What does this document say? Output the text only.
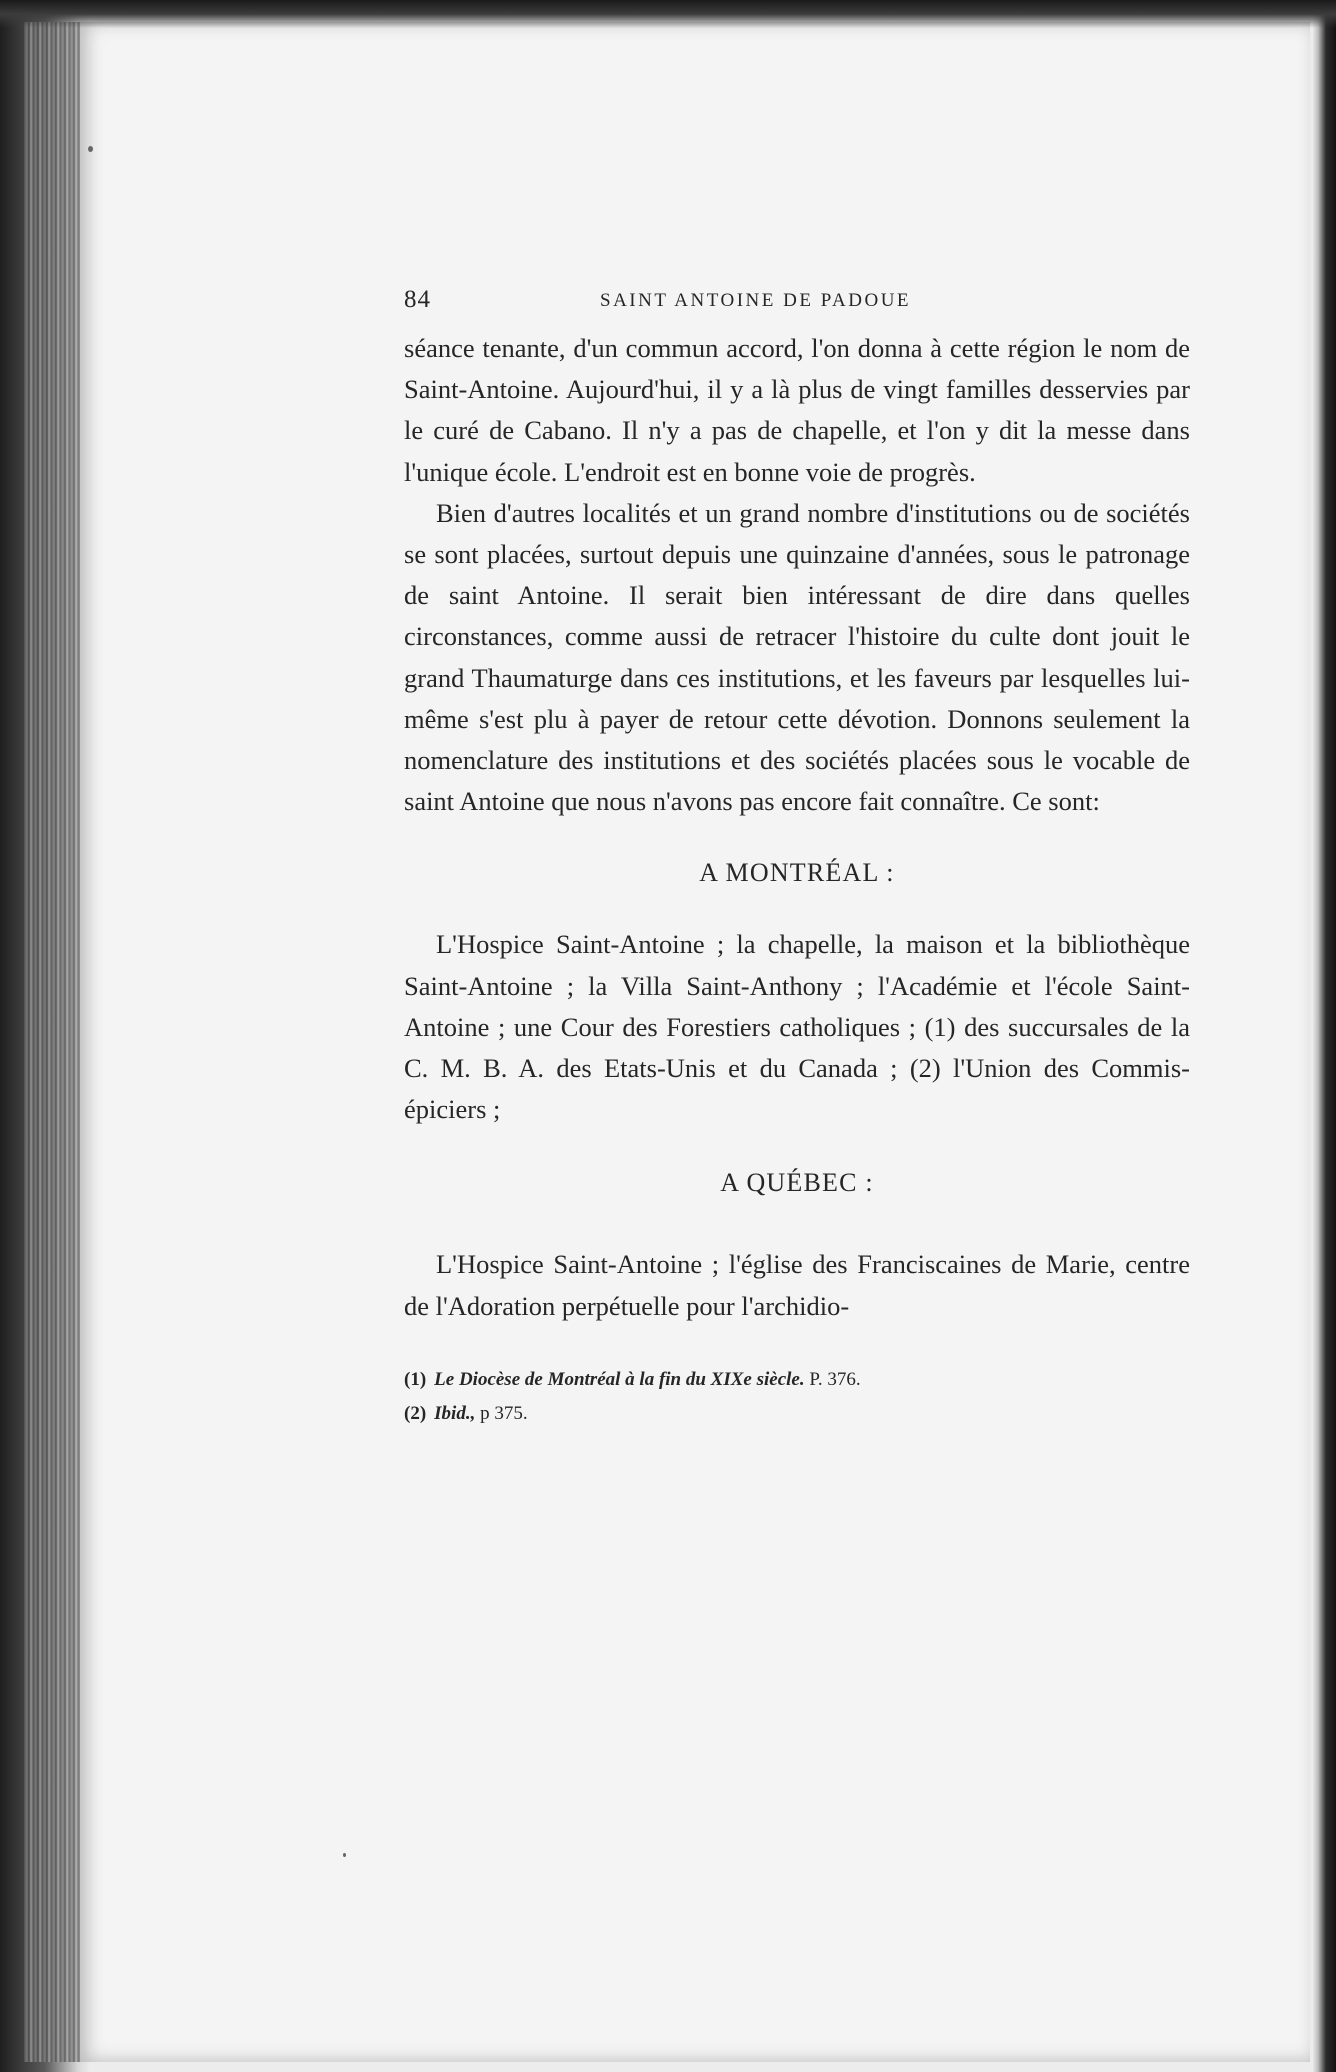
84	SAINT ANTOINE DE PADOUE

séance tenante, d'un commun accord, l'on donna à cette région le nom de Saint-Antoine. Aujourd'hui, il y a là plus de vingt familles desservies par le curé de Cabano. Il n'y a pas de chapelle, et l'on y dit la messe dans l'unique école. L'endroit est en bonne voie de progrès.

Bien d'autres localités et un grand nombre d'institutions ou de sociétés se sont placées, surtout depuis une quinzaine d'années, sous le patronage de saint Antoine. Il serait bien intéressant de dire dans quelles circonstances, comme aussi de retracer l'histoire du culte dont jouit le grand Thaumaturge dans ces institutions, et les faveurs par lesquelles lui-même s'est plu à payer de retour cette dévotion. Donnons seulement la nomenclature des institutions et des sociétés placées sous le vocable de saint Antoine que nous n'avons pas encore fait connaître. Ce sont:

A MONTRÉAL :

L'Hospice Saint-Antoine ; la chapelle, la maison et la bibliothèque Saint-Antoine ; la Villa Saint-Anthony ; l'Académie et l'école Saint-Antoine ; une Cour des Forestiers catholiques ; (1) des succursales de la C. M. B. A. des Etats-Unis et du Canada ; (2) l'Union des Commis-épiciers ;

A QUÉBEC :

L'Hospice Saint-Antoine ; l'église des Franciscaines de Marie, centre de l'Adoration perpétuelle pour l'archidio-

(1) Le Diocèse de Montréal à la fin du XIXe siècle. P. 376.

(2) Ibid., p 375.
